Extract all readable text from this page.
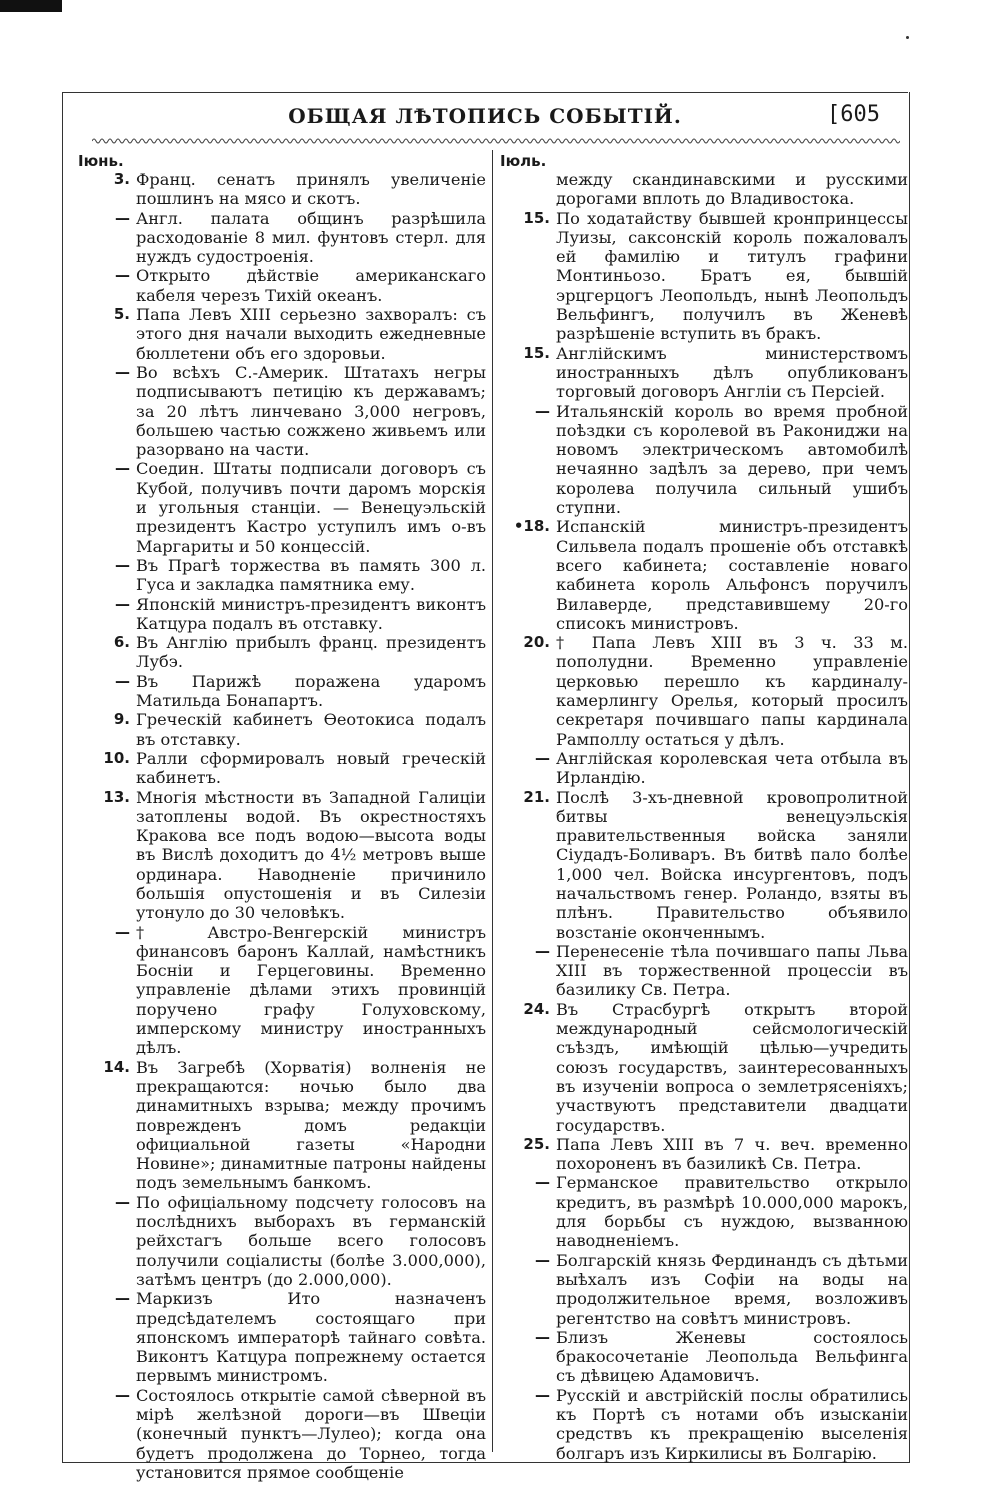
ОБЩАЯ ЛѢТОПИСЬ СОБЫТІЙ.	[605
Іюнь.
3. Франц. сенатъ принялъ увеличеніе пошлинъ на мясо и скотъ.
— Англ. палата общинъ разрѣшила расходованіе 8 мил. фунтовъ стерл. для нуждъ судостроенія.
— Открыто дѣйствіе американскаго кабеля черезъ Тихій океанъ.
5. Папа Левъ XIII серьезно захворалъ: съ этого дня начали выходить ежедневные бюллетени объ его здоровьи.
— Во всѣхъ С.-Америк. Штатахъ негры подписываютъ петицію къ державамъ; за 20 лѣтъ линчевано 3,000 негровъ, большею частью сожжено живьемъ или разорвано на части.
— Соедин. Штаты подписали договоръ съ Кубой, получивъ почти даромъ морскія и угольныя станціи. — Венецуэльскій президентъ Кастро уступилъ имъ о-въ Маргариты и 50 концессій.
— Въ Прагѣ торжества въ память 300 л. Гуса и закладка памятника ему.
— Японскій министръ-президентъ виконтъ Катцура подалъ въ отставку.
6. Въ Англію прибылъ франц. президентъ Лубэ.
— Въ Парижѣ поражена ударомъ Матильда Бонапартъ.
9. Греческій кабинетъ Ѳеотокиса подалъ въ отставку.
10. Ралли сформировалъ новый греческій кабинетъ.
13. Многія мѣстности въ Западной Галиціи затоплены водой. Въ окрестностяхъ Кракова все подъ водою—высота воды въ Вислѣ доходитъ до 4½ метровъ выше ординара. Наводненіе причинило большія опустошенія и въ Силезіи утонуло до 30 человѣкъ.
— † Австро-Венгерскій министръ финансовъ баронъ Каллай, намѣстникъ Босніи и Герцеговины. Временно управленіе дѣлами этихъ провинцій поручено графу Голуховскому, имперскому министру иностранныхъ дѣлъ.
14. Въ Загребѣ (Хорватія) волненія не прекращаются: ночью было два динамитныхъ взрыва; между прочимъ поврежденъ домъ редакціи официальной газеты «Народни Новине»; динамитные патроны найдены подъ земельнымъ банкомъ.
— По офиціальному подсчету голосовъ на послѣднихъ выборахъ въ германскій рейхстагъ больше всего голосовъ получили соціалисты (болѣе 3.000,000), затѣмъ центръ (до 2.000,000).
— Маркизъ Ито назначенъ предсѣдателемъ состоящаго при японскомъ императорѣ тайнаго совѣта. Виконтъ Катцура попрежнему остается первымъ министромъ.
— Состоялось открытіе самой сѣверной въ мірѣ желѣзной дороги—въ Швеціи (конечный пунктъ—Лулео); когда она будетъ продолжена до Торнео, тогда установится прямое сообщеніе
Іюль.
между скандинавскими и русскими дорогами вплоть до Владивостока.
15. По ходатайству бывшей кронпринцессы Луизы, саксонскій король пожаловалъ ей фамилію и титулъ графини Монтиньозо. Братъ ея, бывшій эрцгерцогъ Леопольдъ, нынѣ Леопольдъ Вельфингъ, получилъ въ Женевѣ разрѣшеніе вступить въ бракъ.
15. Англійскимъ министерствомъ иностранныхъ дѣлъ опубликованъ торговый договоръ Англіи съ Персіей.
— Итальянскій король во время пробной поѣздки съ королевой въ Ракониджи на новомъ электрическомъ автомобилѣ нечаянно задѣлъ за дерево, при чемъ королева получила сильный ушибъ ступни.
•18. Испанскій министръ-президентъ Сильвела подалъ прошеніе объ отставкѣ всего кабинета; составленіе новаго кабинета король Альфонсъ поручилъ Вилаверде, представившему 20-го списокъ министровъ.
20. † Папа Левъ XIII въ 3 ч. 33 м. пополудни. Временно управленіе церковью перешло къ кардиналу-камерлингу Орелья, который просилъ секретаря почившаго папы кардинала Рамполлу остаться у дѣлъ.
— Англійская королевская чета отбыла въ Ирландію.
21. Послѣ 3-хъ-дневной кровопролитной битвы венецуэльскія правительственныя войска заняли Сіудадъ-Боливаръ. Въ битвѣ пало болѣе 1,000 чел. Войска инсургентовъ, подъ начальствомъ генер. Роландо, взяты въ плѣнъ. Правительство объявило возстаніе оконченнымъ.
— Перенесеніе тѣла почившаго папы Льва XIII въ торжественной процессіи въ базилику Св. Петра.
24. Въ Страсбургѣ открытъ второй международный сейсмологическій съѣздъ, имѣющій цѣлью—учредить союзъ государствъ, заинтересованныхъ въ изученіи вопроса о землетрясеніяхъ; участвуютъ представители двадцати государствъ.
25. Папа Левъ XIII въ 7 ч. веч. временно похороненъ въ базиликѣ Св. Петра.
— Германское правительство открыло кредитъ, въ размѣрѣ 10.000,000 марокъ, для борьбы съ нуждою, вызванною наводненіемъ.
— Болгарскій князь Фердинандъ съ дѣтьми выѣхалъ изъ Софіи на воды на продолжительное время, возложивъ регентство на совѣтъ министровъ.
— Близъ Женевы состоялось бракосочетаніе Леопольда Вельфинга съ дѣвицею Адамовичъ.
— Русскій и австрійскій послы обратились къ Портѣ съ нотами объ изысканіи средствъ къ прекращенію выселенія болгаръ изъ Киркилисы въ Болгарію.
